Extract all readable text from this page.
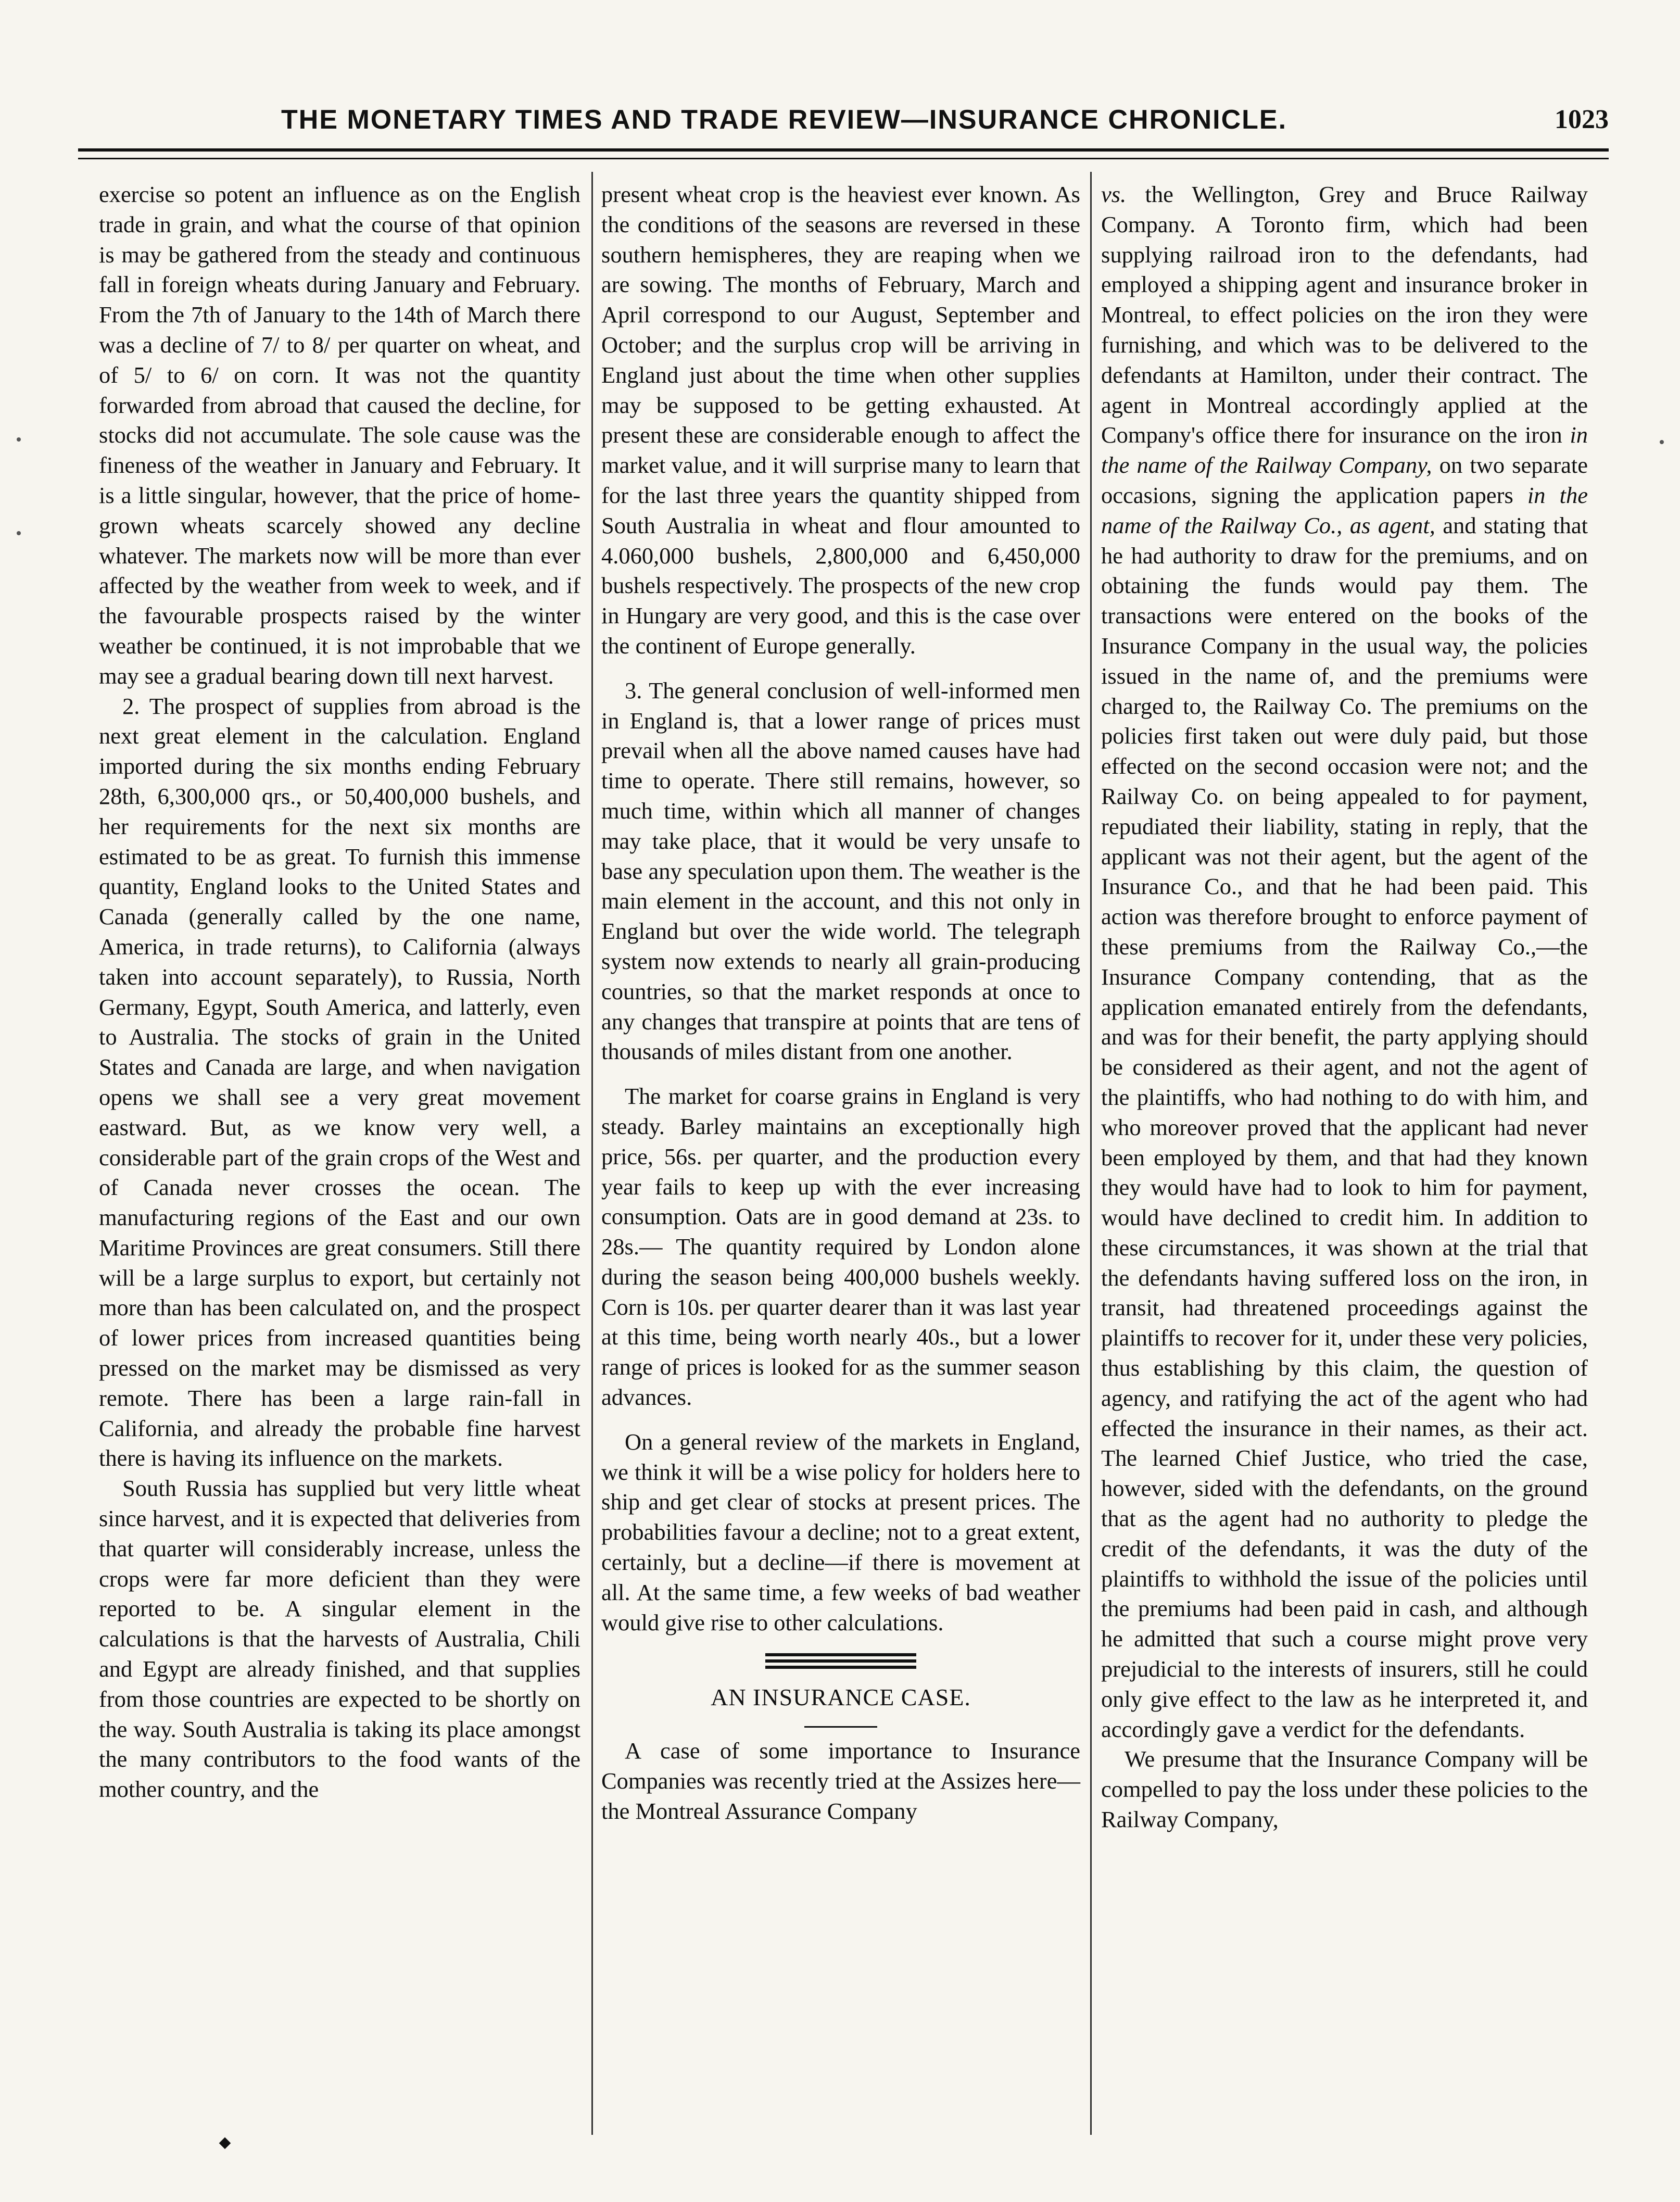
THE MONETARY TIMES AND TRADE REVIEW—INSURANCE CHRONICLE.	1023

exercise so potent an influence as on the English trade in grain, and what the course of that opinion is may be gathered from the steady and continuous fall in foreign wheats during January and February. From the 7th of January to the 14th of March there was a decline of 7/ to 8/ per quarter on wheat, and of 5/ to 6/ on corn. It was not the quantity forwarded from abroad that caused the decline, for stocks did not accumulate. The sole cause was the fineness of the weather in January and February. It is a little singular, however, that the price of home-grown wheats scarcely showed any decline whatever. The markets now will be more than ever affected by the weather from week to week, and if the favourable prospects raised by the winter weather be continued, it is not improbable that we may see a gradual bearing down till next harvest.

2. The prospect of supplies from abroad is the next great element in the calculation. England imported during the six months ending February 28th, 6,300,000 qrs., or 50,400,000 bushels, and her requirements for the next six months are estimated to be as great. To furnish this immense quantity, England looks to the United States and Canada (generally called by the one name, America, in trade returns), to California (always taken into account separately), to Russia, North Germany, Egypt, South America, and latterly, even to Australia. The stocks of grain in the United States and Canada are large, and when navigation opens we shall see a very great movement eastward. But, as we know very well, a considerable part of the grain crops of the West and of Canada never crosses the ocean. The manufacturing regions of the East and our own Maritime Provinces are great consumers. Still there will be a large surplus to export, but certainly not more than has been calculated on, and the prospect of lower prices from increased quantities being pressed on the market may be dismissed as very remote. There has been a large rain-fall in California, and already the probable fine harvest there is having its influence on the markets.

South Russia has supplied but very little wheat since harvest, and it is expected that deliveries from that quarter will considerably increase, unless the crops were far more deficient than they were reported to be. A singular element in the calculations is that the harvests of Australia, Chili and Egypt are already finished, and that supplies from those countries are expected to be shortly on the way. South Australia is taking its place amongst the many contributors to the food wants of the mother country, and the

present wheat crop is the heaviest ever known. As the conditions of the seasons are reversed in these southern hemispheres, they are reaping when we are sowing. The months of February, March and April correspond to our August, September and October; and the surplus crop will be arriving in England just about the time when other supplies may be supposed to be getting exhausted. At present these are considerable enough to affect the market value, and it will surprise many to learn that for the last three years the quantity shipped from South Australia in wheat and flour amounted to 4.060,000 bushels, 2,800,000 and 6,450,000 bushels respectively. The prospects of the new crop in Hungary are very good, and this is the case over the continent of Europe generally.

3. The general conclusion of well-informed men in England is, that a lower range of prices must prevail when all the above named causes have had time to operate. There still remains, however, so much time, within which all manner of changes may take place, that it would be very unsafe to base any speculation upon them. The weather is the main element in the account, and this not only in England but over the wide world. The telegraph system now extends to nearly all grain-producing countries, so that the market responds at once to any changes that transpire at points that are tens of thousands of miles distant from one another.

The market for coarse grains in England is very steady. Barley maintains an exceptionally high price, 56s. per quarter, and the production every year fails to keep up with the ever increasing consumption. Oats are in good demand at 23s. to 28s.— The quantity required by London alone during the season being 400,000 bushels weekly. Corn is 10s. per quarter dearer than it was last year at this time, being worth nearly 40s., but a lower range of prices is looked for as the summer season advances.

On a general review of the markets in England, we think it will be a wise policy for holders here to ship and get clear of stocks at present prices. The probabilities favour a decline; not to a great extent, certainly, but a decline—if there is movement at all. At the same time, a few weeks of bad weather would give rise to other calculations.

AN INSURANCE CASE.

A case of some importance to Insurance Companies was recently tried at the Assizes here—the Montreal Assurance Company

vs. the Wellington, Grey and Bruce Railway Company. A Toronto firm, which had been supplying railroad iron to the defendants, had employed a shipping agent and insurance broker in Montreal, to effect policies on the iron they were furnishing, and which was to be delivered to the defendants at Hamilton, under their contract. The agent in Montreal accordingly applied at the Company's office there for insurance on the iron in the name of the Railway Company, on two separate occasions, signing the application papers in the name of the Railway Co., as agent, and stating that he had authority to draw for the premiums, and on obtaining the funds would pay them. The transactions were entered on the books of the Insurance Company in the usual way, the policies issued in the name of, and the premiums were charged to, the Railway Co. The premiums on the policies first taken out were duly paid, but those effected on the second occasion were not; and the Railway Co. on being appealed to for payment, repudiated their liability, stating in reply, that the applicant was not their agent, but the agent of the Insurance Co., and that he had been paid. This action was therefore brought to enforce payment of these premiums from the Railway Co.,—the Insurance Company contending, that as the application emanated entirely from the defendants, and was for their benefit, the party applying should be considered as their agent, and not the agent of the plaintiffs, who had nothing to do with him, and who moreover proved that the applicant had never been employed by them, and that had they known they would have had to look to him for payment, would have declined to credit him. In addition to these circumstances, it was shown at the trial that the defendants having suffered loss on the iron, in transit, had threatened proceedings against the plaintiffs to recover for it, under these very policies, thus establishing by this claim, the question of agency, and ratifying the act of the agent who had effected the insurance in their names, as their act. The learned Chief Justice, who tried the case, however, sided with the defendants, on the ground that as the agent had no authority to pledge the credit of the defendants, it was the duty of the plaintiffs to withhold the issue of the policies until the premiums had been paid in cash, and although he admitted that such a course might prove very prejudicial to the interests of insurers, still he could only give effect to the law as he interpreted it, and accordingly gave a verdict for the defendants.

We presume that the Insurance Company will be compelled to pay the loss under these policies to the Railway Company,
